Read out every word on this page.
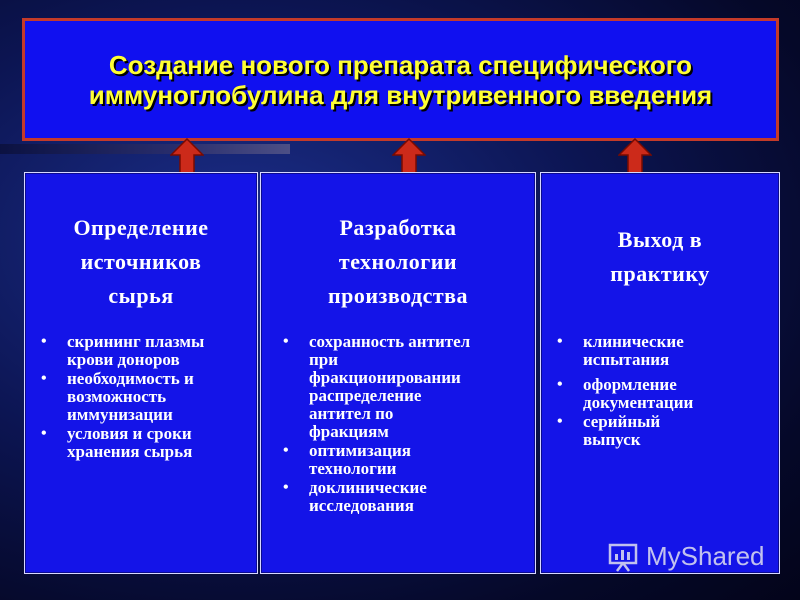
Создание нового препарата специфического иммуноглобулина для внутривенного введения
Определение
источников
сырья
• скрининг плазмы
крови доноров
• необходимость и
возможность
иммунизации
• условия и сроки
хранения сырья
Разработка
технологии
производства
• сохранность антител
при
фракционировании
распределение
антител по
фракциям
• оптимизация
технологии
• доклинические
исследования
Выход в
практику
• клинические
испытания
• оформление
документации
• серийный
выпуск
MyShared
